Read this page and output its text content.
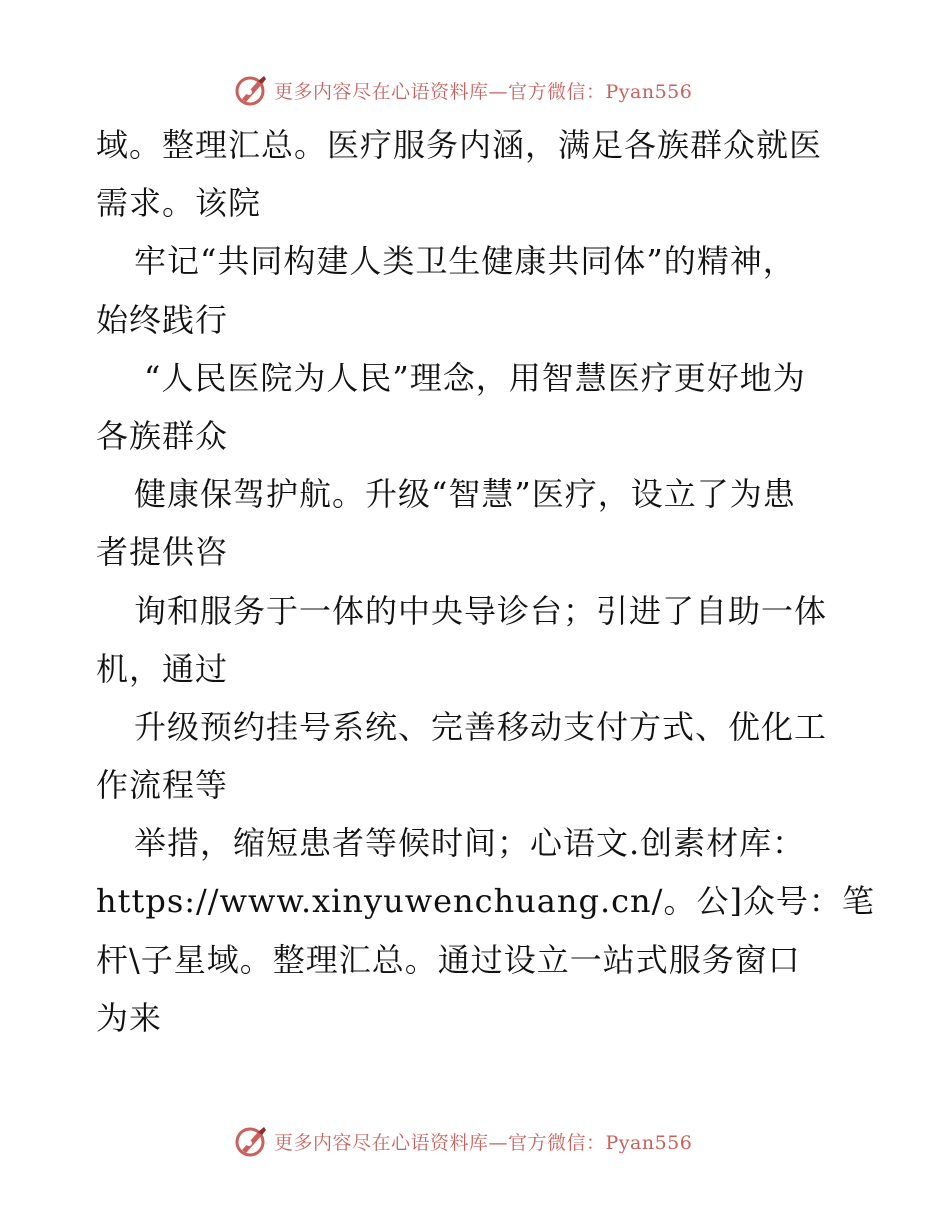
更多内容尽在心语资料库—官方微信：Pyan556
域。整理汇总。医疗服务内涵，满足各族群众就医
需求。该院
牢记“共同构建人类卫生健康共同体”的精神，
始终践行
“人民医院为人民”理念，用智慧医疗更好地为
各族群众
健康保驾护航。升级“智慧”医疗，设立了为患
者提供咨
询和服务于一体的中央导诊台；引进了自助一体
机，通过
升级预约挂号系统、完善移动支付方式、优化工
作流程等
举措，缩短患者等候时间；心语文.创素材库：
https://www.xinyuwenchuang.cn/。公]众号：笔
杆\子星域。整理汇总。通过设立一站式服务窗口
为来
更多内容尽在心语资料库—官方微信：Pyan556
